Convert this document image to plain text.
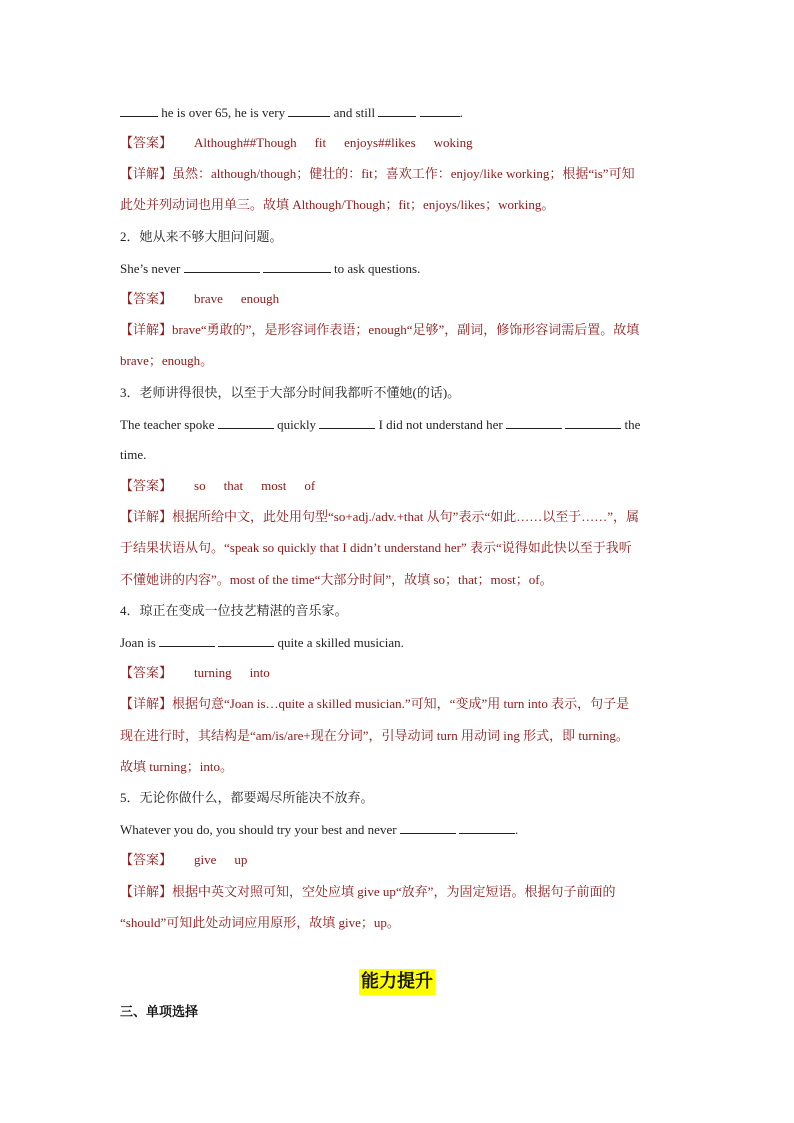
he is over 65, he is very	and still	.
【答案】 Although##Though fit enjoys##likes woking
【详解】虽然：although/though；健壮的：fit；喜欢工作：enjoy/like working；根据“is”可知
此处并列动词也用单三。故填 Although/Though；fit；enjoys/likes；working。
2．她从来不够大胆问问题。
She’s never	to ask questions.
【答案】 brave enough
【详解】brave“勇敢的”，是形容词作表语；enough“足够”，副词，修饰形容词需后置。故填
brave；enough。
3．老师讲得很快，以至于大部分时间我都听不懂她(的话)。
The teacher spoke	quickly	I did not understand her	the
time.
【答案】 so that most of
【详解】根据所给中文，此处用句型“so+adj./adv.+that 从句”表示“如此……以至于……”，属
于结果状语从句。“speak so quickly that I didn’t understand her” 表示“说得如此快以至于我听
不懂她讲的内容”。most of the time“大部分时间”，故填 so；that；most；of。
4．琼正在变成一位技艺精湛的音乐家。
Joan is	quite a skilled musician.
【答案】 turning into
【详解】根据句意“Joan is…quite a skilled musician.”可知，“变成”用 turn into 表示，句子是
现在进行时，其结构是“am/is/are+现在分词”，引导动词 turn 用动词 ing 形式，即 turning。
故填 turning；into。
5．无论你做什么，都要竭尽所能决不放弃。
Whatever you do, you should try your best and never	.
【答案】 give up
【详解】根据中英文对照可知，空处应填 give up“放弃”，为固定短语。根据句子前面的
“should”可知此处动词应用原形，故填 give；up。
能力提升
三、单项选择
